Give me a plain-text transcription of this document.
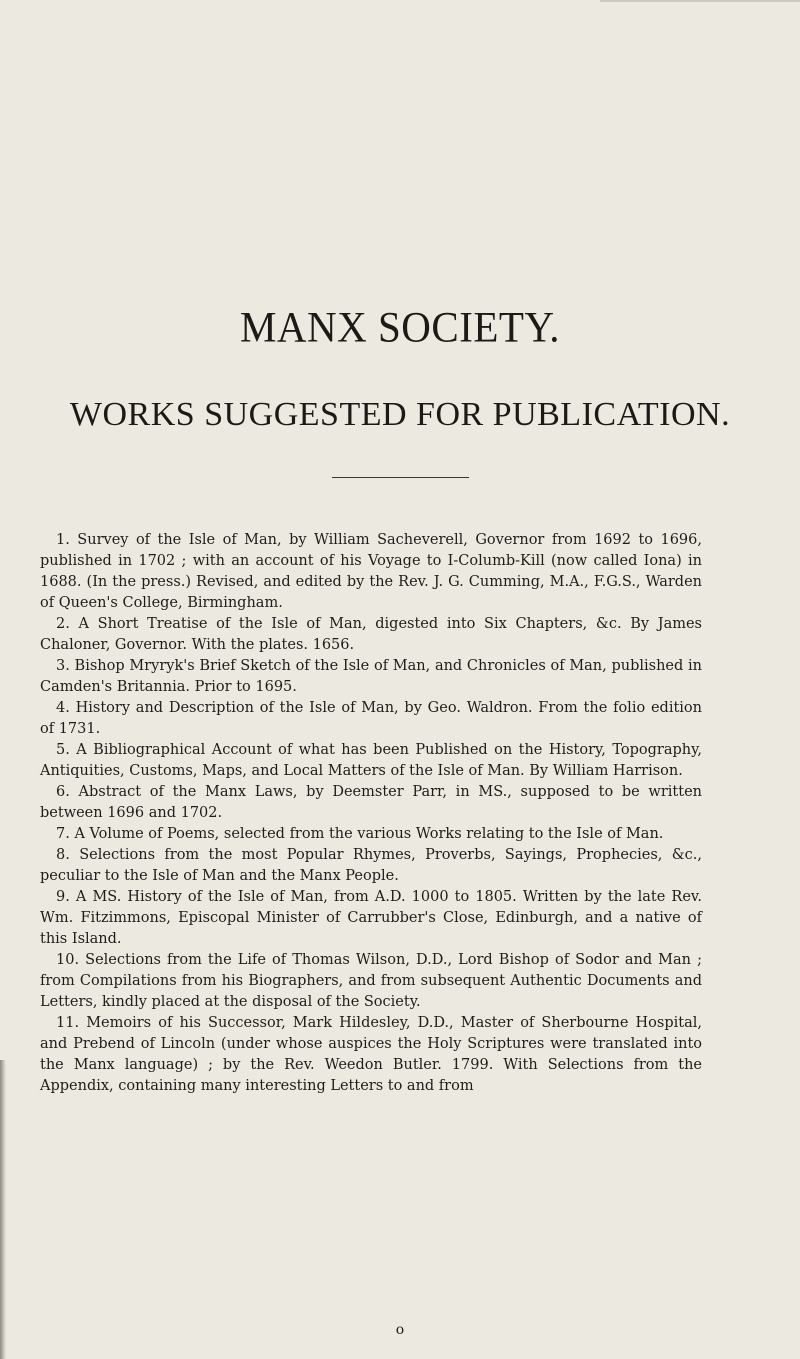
MANX SOCIETY.
WORKS SUGGESTED FOR PUBLICATION.

1. Survey of the Isle of Man, by William Sacheverell, Governor from 1692 to 1696, published in 1702 ; with an account of his Voyage to I-Columb-Kill (now called Iona) in 1688. (In the press.) Revised, and edited by the Rev. J. G. Cumming, M.A., F.G.S., Warden of Queen's College, Birmingham.

2. A Short Treatise of the Isle of Man, digested into Six Chapters, &c. By James Chaloner, Governor. With the plates. 1656.

3. Bishop Mryryk's Brief Sketch of the Isle of Man, and Chronicles of Man, published in Camden's Britannia. Prior to 1695.

4. History and Description of the Isle of Man, by Geo. Waldron. From the folio edition of 1731.

5. A Bibliographical Account of what has been Published on the History, Topography, Antiquities, Customs, Maps, and Local Matters of the Isle of Man. By William Harrison.

6. Abstract of the Manx Laws, by Deemster Parr, in MS., supposed to be written between 1696 and 1702.

7. A Volume of Poems, selected from the various Works relating to the Isle of Man.

8. Selections from the most Popular Rhymes, Proverbs, Sayings, Prophecies, &c., peculiar to the Isle of Man and the Manx People.

9. A MS. History of the Isle of Man, from A.D. 1000 to 1805. Written by the late Rev. Wm. Fitzimmons, Episcopal Minister of Carrubber's Close, Edinburgh, and a native of this Island.

10. Selections from the Life of Thomas Wilson, D.D., Lord Bishop of Sodor and Man ; from Compilations from his Biographers, and from subsequent Authentic Documents and Letters, kindly placed at the disposal of the Society.

11. Memoirs of his Successor, Mark Hildesley, D.D., Master of Sherbourne Hospital, and Prebend of Lincoln (under whose auspices the Holy Scriptures were translated into the Manx language) ; by the Rev. Weedon Butler. 1799. With Selections from the Appendix, containing many interesting Letters to and from

o
